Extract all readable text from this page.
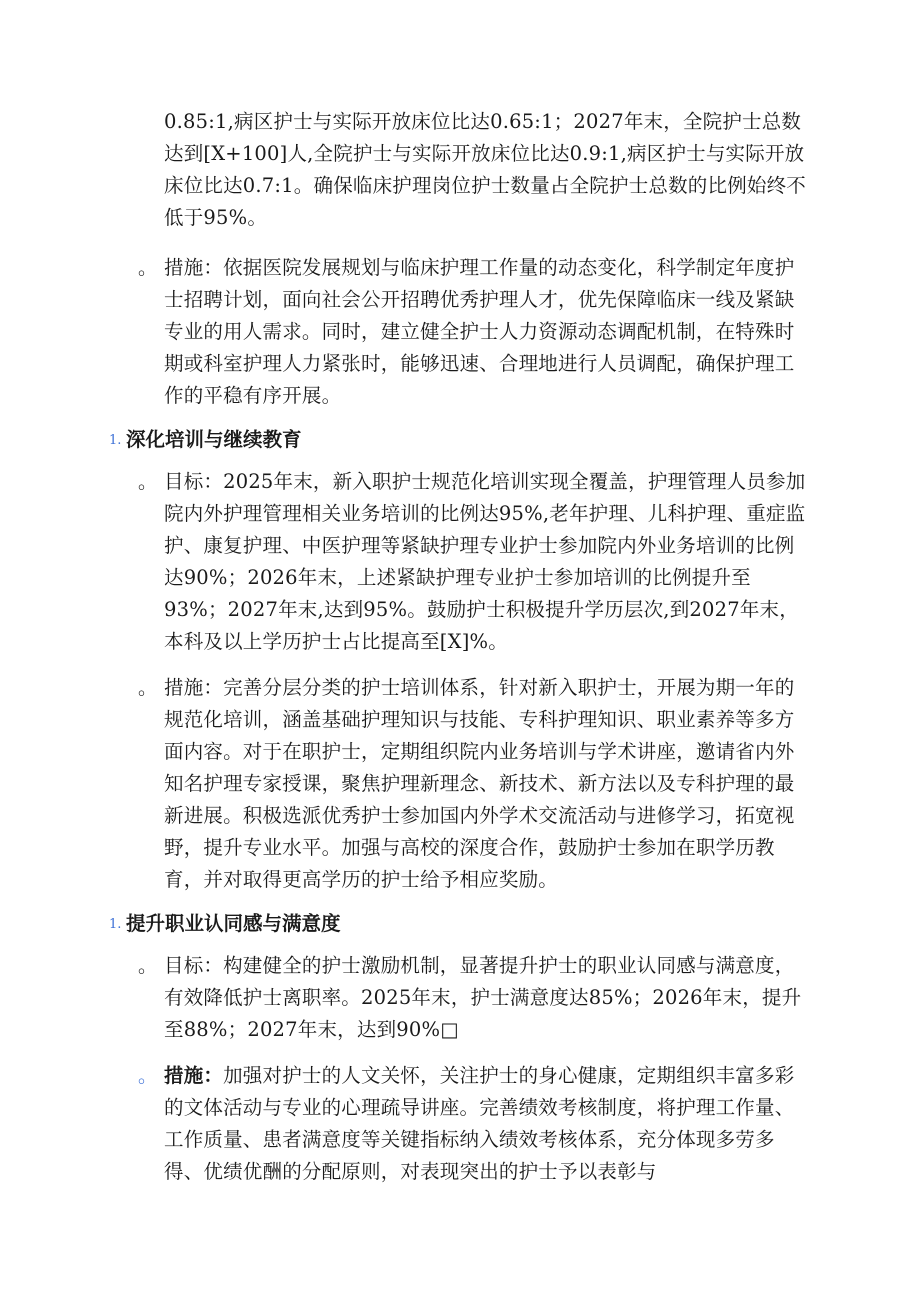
0.85:1,病区护士与实际开放床位比达0.65:1；2027年末，全院护士总数达到[X+100]人,全院护士与实际开放床位比达0.9:1,病区护士与实际开放床位比达0.7:1。确保临床护理岗位护士数量占全院护士总数的比例始终不低于95%。

。 措施：依据医院发展规划与临床护理工作量的动态变化，科学制定年度护士招聘计划，面向社会公开招聘优秀护理人才，优先保障临床一线及紧缺专业的用人需求。同时，建立健全护士人力资源动态调配机制，在特殊时期或科室护理人力紧张时，能够迅速、合理地进行人员调配，确保护理工作的平稳有序开展。
1. 深化培训与继续教育
。 目标：2025年末，新入职护士规范化培训实现全覆盖，护理管理人员参加院内外护理管理相关业务培训的比例达95%,老年护理、儿科护理、重症监护、康复护理、中医护理等紧缺护理专业护士参加院内外业务培训的比例达90%；2026年末，上述紧缺护理专业护士参加培训的比例提升至93%；2027年末,达到95%。鼓励护士积极提升学历层次,到2027年末，本科及以上学历护士占比提高至[X]%。
。 措施：完善分层分类的护士培训体系，针对新入职护士，开展为期一年的规范化培训，涵盖基础护理知识与技能、专科护理知识、职业素养等多方面内容。对于在职护士，定期组织院内业务培训与学术讲座，邀请省内外知名护理专家授课，聚焦护理新理念、新技术、新方法以及专科护理的最新进展。积极选派优秀护士参加国内外学术交流活动与进修学习，拓宽视野，提升专业水平。加强与高校的深度合作，鼓励护士参加在职学历教育，并对取得更高学历的护士给予相应奖励。
1. 提升职业认同感与满意度
。 目标：构建健全的护士激励机制，显著提升护士的职业认同感与满意度，有效降低护士离职率。2025年末，护士满意度达85%；2026年末，提升至88%；2027年末，达到90%□
。 措施：加强对护士的人文关怀，关注护士的身心健康，定期组织丰富多彩的文体活动与专业的心理疏导讲座。完善绩效考核制度，将护理工作量、工作质量、患者满意度等关键指标纳入绩效考核体系，充分体现多劳多得、优绩优酬的分配原则，对表现突出的护士予以表彰与
